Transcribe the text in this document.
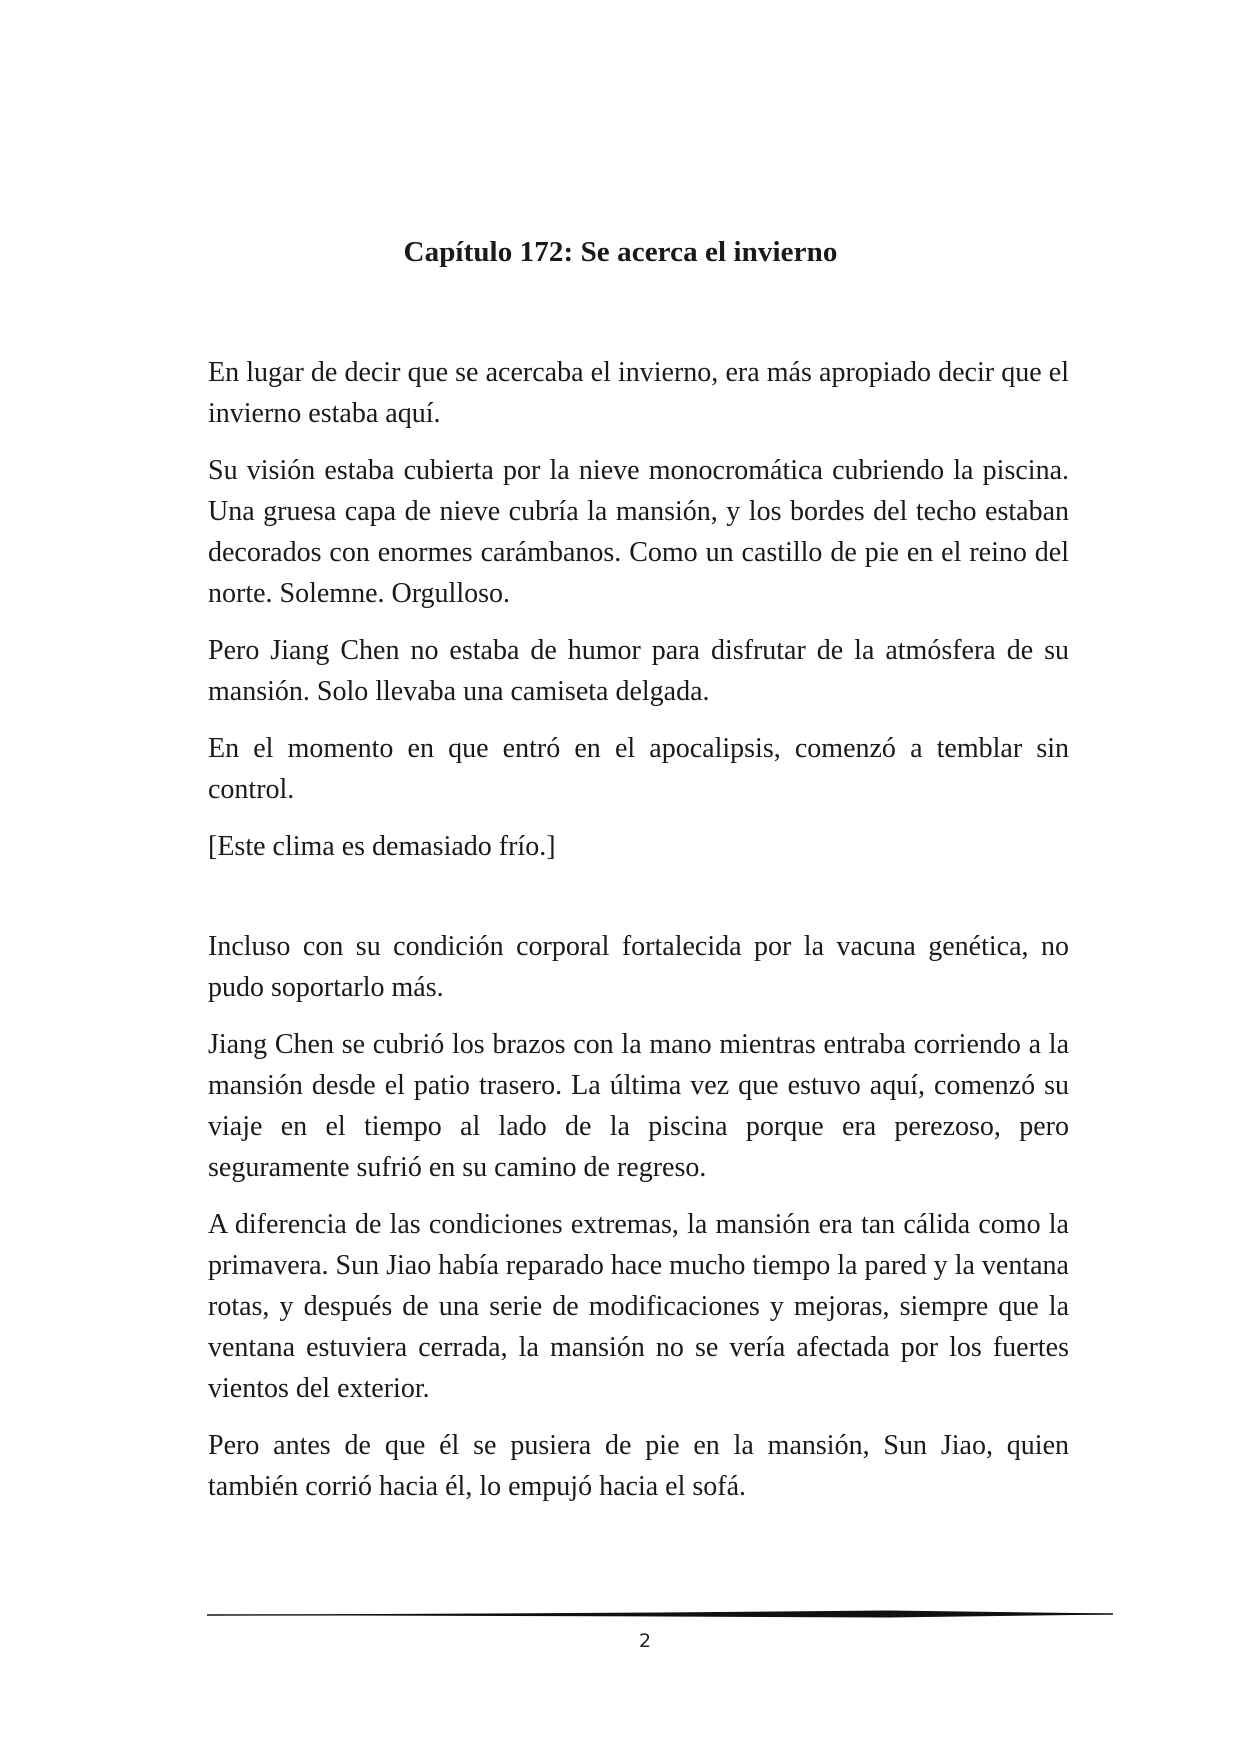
Capítulo 172: Se acerca el invierno

En lugar de decir que se acercaba el invierno, era más apropiado decir que el invierno estaba aquí.

Su visión estaba cubierta por la nieve monocromática cubriendo la piscina. Una gruesa capa de nieve cubría la mansión, y los bordes del techo estaban decorados con enormes carámbanos. Como un castillo de pie en el reino del norte. Solemne. Orgulloso.

Pero Jiang Chen no estaba de humor para disfrutar de la atmósfera de su mansión. Solo llevaba una camiseta delgada.

En el momento en que entró en el apocalipsis, comenzó a temblar sin control.

[Este clima es demasiado frío.]

Incluso con su condición corporal fortalecida por la vacuna genética, no pudo soportarlo más.

Jiang Chen se cubrió los brazos con la mano mientras entraba corriendo a la mansión desde el patio trasero. La última vez que estuvo aquí, comenzó su viaje en el tiempo al lado de la piscina porque era perezoso, pero seguramente sufrió en su camino de regreso.

A diferencia de las condiciones extremas, la mansión era tan cálida como la primavera. Sun Jiao había reparado hace mucho tiempo la pared y la ventana rotas, y después de una serie de modificaciones y mejoras, siempre que la ventana estuviera cerrada, la mansión no se vería afectada por los fuertes vientos del exterior.

Pero antes de que él se pusiera de pie en la mansión, Sun Jiao, quien también corrió hacia él, lo empujó hacia el sofá.

2
